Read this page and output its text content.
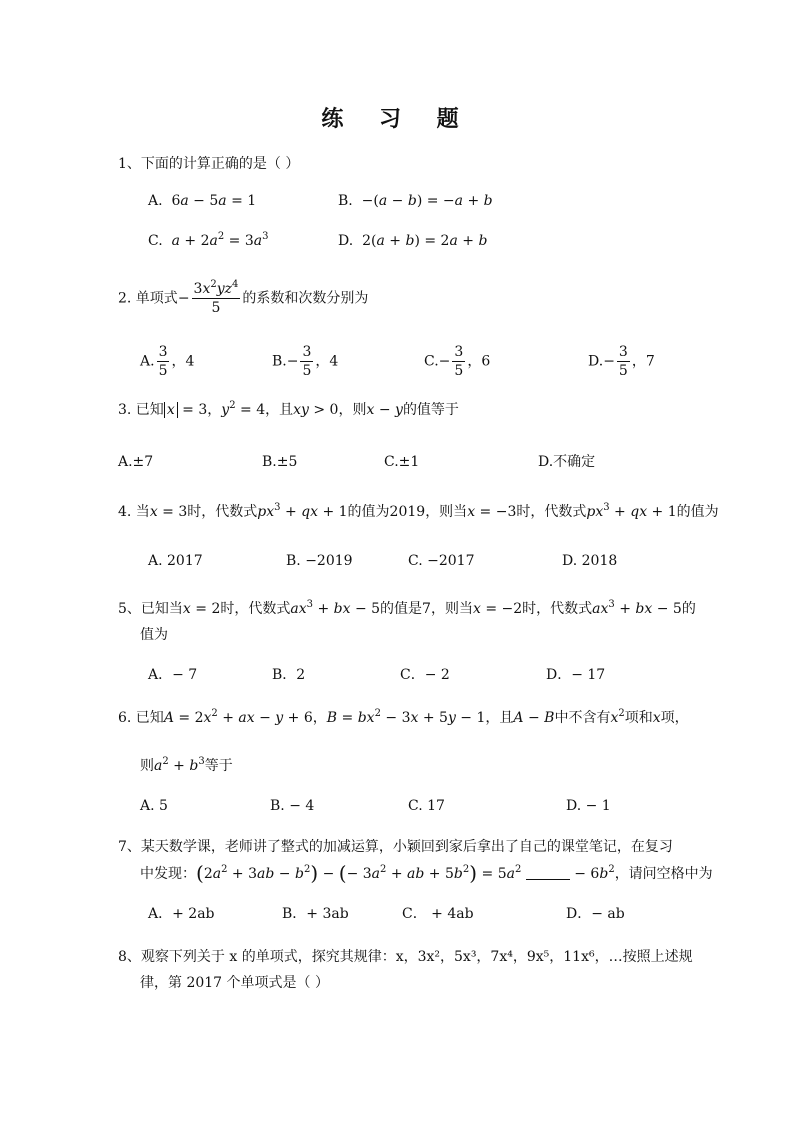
练 习 题
1、下面的计算正确的是（ ）
A.  6a − 5a = 1	B.  −(a − b) = −a + b
C. $a + 2a^2 = 3a^3$	D.  2(a + b) = 2a + b
2. 单项式− $\frac{3x^2yz^4}{5}$ 的系数和次数分别为
A. $\frac{3}{5}$ ，4	$B.- \frac{3}{5}$ ，4	$C.- \frac{3}{5}$ ，6	$D.- \frac{3}{5}$ ，7
3. 已知 x = 3，$y^2 = 4$，且xy > 0，则x − y的值等于
A.±7	B.±5	C.±1	D.不确定
4. 当x = 3时，代数式$px^3$ + qx + 1的值为2019，则当x = −3时，代数式$px^3$ + qx + 1的值为
A. 2017	B. −2019	C. −2017	D. 2018
5、已知当x = 2时，代数式$ax^3$ + bx − 5的值是7，则当x = −2时，代数式$ax^3$ + bx − 5的
值为
A．− 7	B．2	C．− 2	D．− 17
6. 已知$A = 2x^2$ + ax − y + 6，$B = bx^2 - 3x + 5y - 1$，且A − B中不含有$x^2$项和x项，
则$a^2 + b^3$等于
A. 5	B. − 4	C. 17	D. − 1
7、某天数学课，老师讲了整式的加减运算，小颖回到家后拿出了自己的课堂笔记，在复习
中发现：$(2a^2 + 3ab - b^2)$ − (− $3a^2$ + ab + $5b^2) = 5a^2$	− $6b^2$，请问空格中为
A．+ 2ab	B．+ 3ab	C． + 4ab	D．− ab
8、观察下列关于 x 的单项式，探究其规律：x，3x²，5x³，7x⁴，9x⁵，11x⁶，…按照上述规
律，第 2017 个单项式是（ ）
